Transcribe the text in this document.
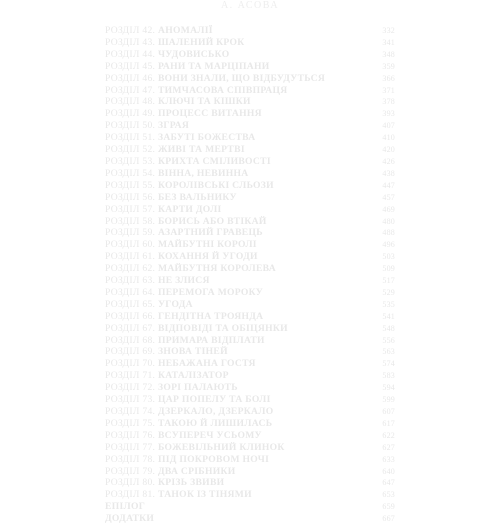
А. АСОВА
РОЗДІЛ 42. АНОМАЛІЇ	332
РОЗДІЛ 43. ШАЛЕНИЙ КРОК	341
РОЗДІЛ 44. ЧУДОВИСЬКО	348
РОЗДІЛ 45. РАНИ ТА МАРЦІПАНИ	359
РОЗДІЛ 46. ВОНИ ЗНАЛИ, ЩО ВІДБУДУТЬСЯ	366
РОЗДІЛ 47. ТИМЧАСОВА СПІВПРАЦЯ	371
РОЗДІЛ 48. КЛЮЧІ ТА КІШКИ	378
РОЗДІЛ 49. ПРОЦЕСС ВИТАННЯ	393
РОЗДІЛ 50. ЗГРАЯ	407
РОЗДІЛ 51. ЗАБУТІ БОЖЕСТВА	410
РОЗДІЛ 52. ЖИВІ ТА МЕРТВІ	420
РОЗДІЛ 53. КРИХТА СМІЛИВОСТІ	426
РОЗДІЛ 54. ВІННА, НЕВИННА	438
РОЗДІЛ 55. КОРОЛІВСЬКІ СЛЬОЗИ	447
РОЗДІЛ 56. БЕЗ ВАЛЬНИКУ	457
РОЗДІЛ 57. КАРТИ ДОЛІ	469
РОЗДІЛ 58. БОРИСЬ АБО ВТІКАЙ	480
РОЗДІЛ 59. АЗАРТНИЙ ГРАВЕЦЬ	488
РОЗДІЛ 60. МАЙБУТНІ КОРОЛІ	496
РОЗДІЛ 61. КОХАННЯ Й УГОДИ	503
РОЗДІЛ 62. МАЙБУТНЯ КОРОЛЕВА	509
РОЗДІЛ 63. НЕ ЗЛИСЯ	517
РОЗДІЛ 64. ПЕРЕМОГА МОРОКУ	529
РОЗДІЛ 65. УГОДА	535
РОЗДІЛ 66. ГЕНДІТНА ТРОЯНДА	541
РОЗДІЛ 67. ВІДПОВІДІ ТА ОБІЦЯНКИ	548
РОЗДІЛ 68. ПРИМАРА ВІДПЛАТИ	556
РОЗДІЛ 69. ЗНОВА ТІНЕЙ	563
РОЗДІЛ 70. НЕБАЖАНА ГОСТЯ	574
РОЗДІЛ 71. КАТАЛІЗАТОР	583
РОЗДІЛ 72. ЗОРІ ПАЛАЮТЬ	594
РОЗДІЛ 73. ЦАР ПОПЕЛУ ТА БОЛІ	599
РОЗДІЛ 74. ДЗЕРКАЛО, ДЗЕРКАЛО	607
РОЗДІЛ 75. ТАКОЮ Й ЛИШИЛАСЬ	617
РОЗДІЛ 76. ВСУПЕРЕЧ УСЬОМУ	622
РОЗДІЛ 77. БОЖЕВІЛЬНИЙ КЛИНОК	627
РОЗДІЛ 78. ПІД ПОКРОВОМ НОЧІ	633
РОЗДІЛ 79. ДВА СРІБНИКИ	640
РОЗДІЛ 80. КРІЗЬ ЗВИВИ	647
РОЗДІЛ 81. ТАНОК ІЗ ТІНЯМИ	653
ЕПІЛОГ	659
ДОДАТКИ	667
